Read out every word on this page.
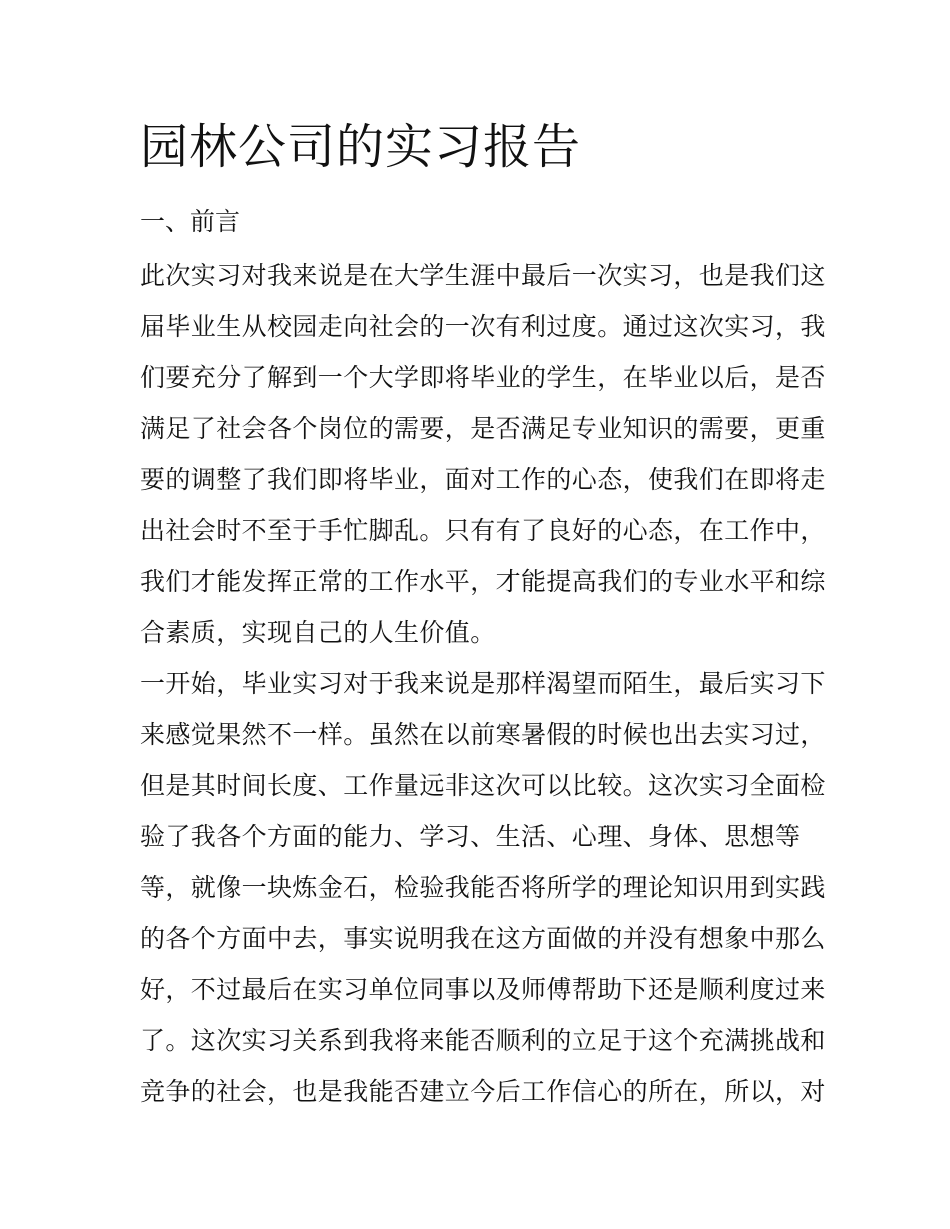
园林公司的实习报告
一、前言
此次实习对我来说是在大学生涯中最后一次实习，也是我们这
届毕业生从校园走向社会的一次有利过度。通过这次实习，我
们要充分了解到一个大学即将毕业的学生，在毕业以后，是否
满足了社会各个岗位的需要，是否满足专业知识的需要，更重
要的调整了我们即将毕业，面对工作的心态，使我们在即将走
出社会时不至于手忙脚乱。只有有了良好的心态，在工作中，
我们才能发挥正常的工作水平，才能提高我们的专业水平和综
合素质，实现自己的人生价值。
一开始，毕业实习对于我来说是那样渴望而陌生，最后实习下
来感觉果然不一样。虽然在以前寒暑假的时候也出去实习过，
但是其时间长度、工作量远非这次可以比较。这次实习全面检
验了我各个方面的能力、学习、生活、心理、身体、思想等
等，就像一块炼金石，检验我能否将所学的理论知识用到实践
的各个方面中去，事实说明我在这方面做的并没有想象中那么
好，不过最后在实习单位同事以及师傅帮助下还是顺利度过来
了。这次实习关系到我将来能否顺利的立足于这个充满挑战和
竞争的社会，也是我能否建立今后工作信心的所在，所以，对
